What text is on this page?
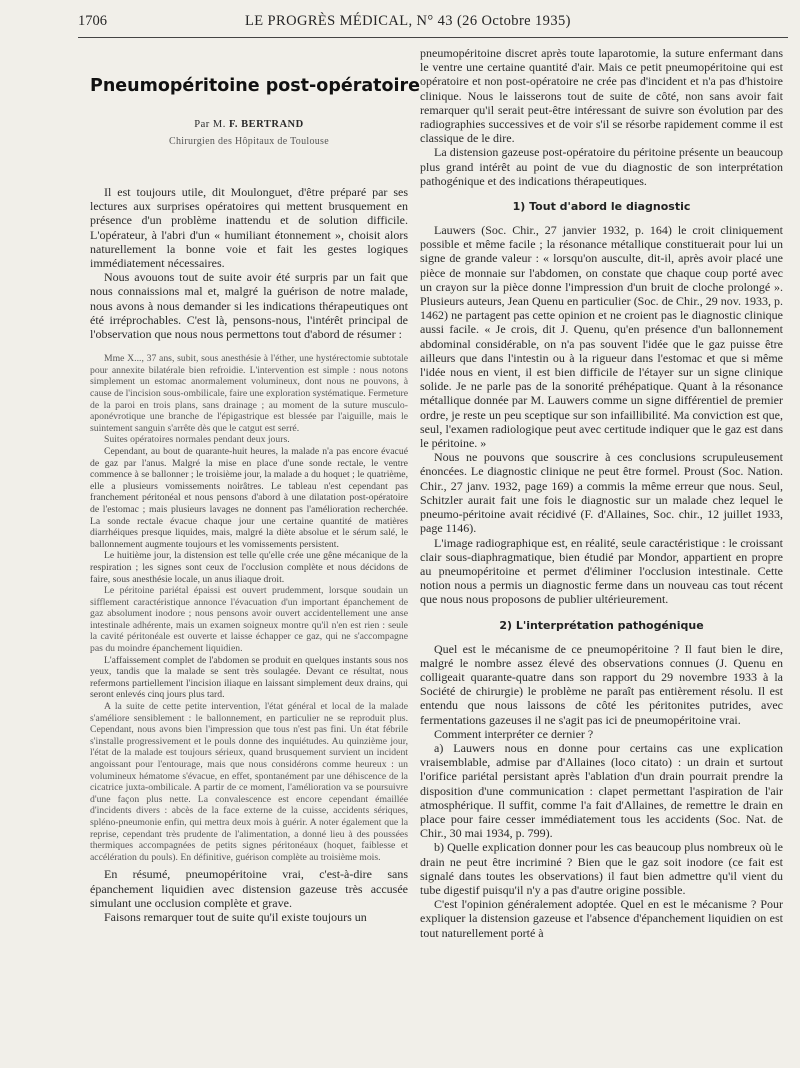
1706	LE PROGRÈS MÉDICAL, N° 43 (26 Octobre 1935)
Pneumopéritoine post-opératoire
Par M. F. BERTRAND
Chirurgien des Hôpitaux de Toulouse

Il est toujours utile, dit Moulonguet, d'être préparé par ses lectures aux surprises opératoires qui mettent brusquement en présence d'un problème inattendu et de solution difficile. L'opérateur, à l'abri d'un « humiliant étonnement », choisit alors naturellement la bonne voie et fait les gestes logiques immédiatement nécessaires.

Nous avouons tout de suite avoir été surpris par un fait que nous connaissions mal et, malgré la guérison de notre malade, nous avons à nous demander si les indications thérapeutiques ont été irréprochables. C'est là, pensons-nous, l'intérêt principal de l'observation que nous nous permettons tout d'abord de résumer :

Mme X..., 37 ans, subit, sous anesthésie à l'éther, une hystérectomie subtotale pour annexite bilatérale bien refroidie. L'intervention est simple : nous notons simplement un estomac anormalement volumineux, dont nous ne pouvons, à cause de l'incision sous-ombilicale, faire une exploration systématique. Fermeture de la paroi en trois plans, sans drainage ; au moment de la suture musculo-aponévrotique une branche de l'épigastrique est blessée par l'aiguille, mais le suintement sanguin s'arrête dès que le catgut est serré.

Suites opératoires normales pendant deux jours.

Cependant, au bout de quarante-huit heures, la malade n'a pas encore évacué de gaz par l'anus. Malgré la mise en place d'une sonde rectale, le ventre commence à se ballonner ; le troisième jour, la malade a du hoquet ; le quatrième, elle a plusieurs vomissements noirâtres. Le tableau n'est cependant pas franchement péritonéal et nous pensons d'abord à une dilatation post-opératoire de l'estomac ; mais plusieurs lavages ne donnent pas l'amélioration recherchée. La sonde rectale évacue chaque jour une certaine quantité de matières diarrhéiques presque liquides, mais, malgré la diète absolue et le sérum salé, le ballonnement augmente toujours et les vomissements persistent.

Le huitième jour, la distension est telle qu'elle crée une gêne mécanique de la respiration ; les signes sont ceux de l'occlusion complète et nous décidons de faire, sous anesthésie locale, un anus iliaque droit.

Le péritoine pariétal épaissi est ouvert prudemment, lorsque soudain un sifflement caractéristique annonce l'évacuation d'un important épanchement de gaz absolument inodore ; nous pensons avoir ouvert accidentellement une anse intestinale adhérente, mais un examen soigneux montre qu'il n'en est rien : seule la cavité péritonéale est ouverte et laisse échapper ce gaz, qui ne s'accompagne pas du moindre épanchement liquidien.

L'affaissement complet de l'abdomen se produit en quelques instants sous nos yeux, tandis que la malade se sent très soulagée. Devant ce résultat, nous refermons partiellement l'incision iliaque en laissant simplement deux drains, qui seront enlevés cinq jours plus tard.

A la suite de cette petite intervention, l'état général et local de la malade s'améliore sensiblement : le ballonnement, en particulier ne se reproduit plus. Cependant, nous avons bien l'impression que tous n'est pas fini. Un état fébrile s'installe progressivement et le pouls donne des inquiétudes. Au quinzième jour, l'état de la malade est toujours sérieux, quand brusquement survient un incident angoissant pour l'entourage, mais que nous considérons comme heureux : un volumineux hématome s'évacue, en effet, spontanément par une déhiscence de la cicatrice juxta-ombilicale. A partir de ce moment, l'amélioration va se poursuivre d'une façon plus nette. La convalescence est encore cependant émaillée d'incidents divers : abcès de la face externe de la cuisse, accidents sériques, spléno-pneumonie enfin, qui mettra deux mois à guérir. A noter également que la reprise, cependant très prudente de l'alimentation, a donné lieu à des poussées thermiques accompagnées de petits signes péritonéaux (hoquet, faiblesse et accélération du pouls). En définitive, guérison complète au troisième mois.

En résumé, pneumopéritoine vrai, c'est-à-dire sans épanchement liquidien avec distension gazeuse très accusée simulant une occlusion complète et grave.

Faisons remarquer tout de suite qu'il existe toujours un

pneumopéritoine discret après toute laparotomie, la suture enfermant dans le ventre une certaine quantité d'air. Mais ce petit pneumopéritoine qui est opératoire et non post-opératoire ne crée pas d'incident et n'a pas d'histoire clinique. Nous le laisserons tout de suite de côté, non sans avoir fait remarquer qu'il serait peut-être intéressant de suivre son évolution par des radiographies successives et de voir s'il se résorbe rapidement comme il est classique de le dire.

La distension gazeuse post-opératoire du péritoine présente un beaucoup plus grand intérêt au point de vue du diagnostic de son interprétation pathogénique et des indications thérapeutiques.

1) Tout d'abord le diagnostic

Lauwers (Soc. Chir., 27 janvier 1932, p. 164) le croit cliniquement possible et même facile ; la résonance métallique constituerait pour lui un signe de grande valeur : « lorsqu'on ausculte, dit-il, après avoir placé une pièce de monnaie sur l'abdomen, on constate que chaque coup porté avec un crayon sur la pièce donne l'impression d'un bruit de cloche prolongé ». Plusieurs auteurs, Jean Quenu en particulier (Soc. de Chir., 29 nov. 1933, p. 1462) ne partagent pas cette opinion et ne croient pas le diagnostic clinique aussi facile. « Je crois, dit J. Quenu, qu'en présence d'un ballonnement abdominal considérable, on n'a pas souvent l'idée que le gaz puisse être ailleurs que dans l'intestin ou à la rigueur dans l'estomac et que si même l'idée nous en vient, il est bien difficile de l'étayer sur un signe clinique solide. Je ne parle pas de la sonorité préhépatique. Quant à la résonance métallique donnée par M. Lauwers comme un signe différentiel de premier ordre, je reste un peu sceptique sur son infaillibilité. Ma conviction est que, seul, l'examen radiologique peut avec certitude indiquer que le gaz est dans le péritoine. »

Nous ne pouvons que souscrire à ces conclusions scrupuleusement énoncées. Le diagnostic clinique ne peut être formel. Proust (Soc. Nation. Chir., 27 janv. 1932, page 169) a commis la même erreur que nous. Seul, Schitzler aurait fait une fois le diagnostic sur un malade chez lequel le pneumo-péritoine avait récidivé (F. d'Allaines, Soc. chir., 12 juillet 1933, page 1146).

L'image radiographique est, en réalité, seule caractéristique : le croissant clair sous-diaphragmatique, bien étudié par Mondor, appartient en propre au pneumopéritoine et permet d'éliminer l'occlusion intestinale. Cette notion nous a permis un diagnostic ferme dans un nouveau cas tout récent que nous nous proposons de publier ultérieurement.

2) L'interprétation pathogénique

Quel est le mécanisme de ce pneumopéritoine ? Il faut bien le dire, malgré le nombre assez élevé des observations connues (J. Quenu en colligeait quarante-quatre dans son rapport du 29 novembre 1933 à la Société de chirurgie) le problème ne paraît pas entièrement résolu. Il est entendu que nous laissons de côté les péritonites putrides, avec fermentations gazeuses il ne s'agit pas ici de pneumopéritoine vrai.

Comment interpréter ce dernier ?

a) Lauwers nous en donne pour certains cas une explication vraisemblable, admise par d'Allaines (loco citato) : un drain et surtout l'orifice pariétal persistant après l'ablation d'un drain pourrait prendre la disposition d'une communication : clapet permettant l'aspiration de l'air atmosphérique. Il suffit, comme l'a fait d'Allaines, de remettre le drain en place pour faire cesser immédiatement tous les accidents (Soc. Nat. de Chir., 30 mai 1934, p. 799).

b) Quelle explication donner pour les cas beaucoup plus nombreux où le drain ne peut être incriminé ? Bien que le gaz soit inodore (ce fait est signalé dans toutes les observations) il faut bien admettre qu'il vient du tube digestif puisqu'il n'y a pas d'autre origine possible.

C'est l'opinion généralement adoptée. Quel en est le mécanisme ? Pour expliquer la distension gazeuse et l'absence d'épanchement liquidien on est tout naturellement porté à
